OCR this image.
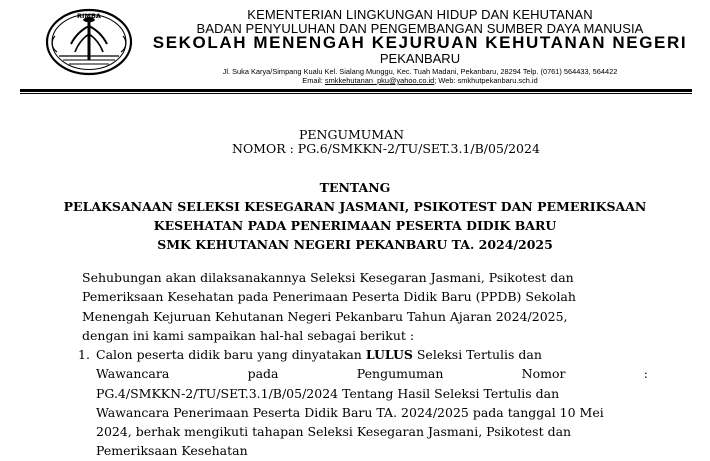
RIMBA	KEMENTERIAN LINGKUNGAN HIDUP DAN KEHUTANAN

BADAN PENYULUHAN DAN PENGEMBANGAN SUMBER DAYA MANUSIA

SEKOLAH MENENGAH KEJURUAN KEHUTANAN NEGERI

PEKANBARU

Jl. Suka Karya/Simpang Kualu Kel. Sialang Munggu, Kec. Tuah Madani, Pekanbaru, 28294 Telp. (0761) 564433, 564422

Email: smkkehutanan_pku@yahoo.co.id; Web: smkhutpekanbaru.sch.id

PENGUMUMAN

NOMOR : PG.6/SMKKN-2/TU/SET.3.1/B/05/2024

TENTANG

PELAKSANAAN SELEKSI KESEGARAN JASMANI, PSIKOTEST DAN PEMERIKSAAN

KESEHATAN PADA PENERIMAAN PESERTA DIDIK BARU

SMK KEHUTANAN NEGERI PEKANBARU TA. 2024/2025

Sehubungan akan dilaksanakannya Seleksi Kesegaran Jasmani, Psikotest dan
Pemeriksaan Kesehatan pada Penerimaan Peserta Didik Baru (PPDB) Sekolah
Menengah Kejuruan Kehutanan Negeri Pekanbaru Tahun Ajaran 2024/2025,
dengan ini kami sampaikan hal-hal sebagai berikut :
1. Calon peserta didik baru yang dinyatakan LULUS Seleksi Tertulis dan
Wawancara	pada	Pengumuman	Nomor	:
PG.4/SMKKN-2/TU/SET.3.1/B/05/2024 Tentang Hasil Seleksi Tertulis dan
Wawancara Penerimaan Peserta Didik Baru TA. 2024/2025 pada tanggal 10 Mei
2024, berhak mengikuti tahapan Seleksi Kesegaran Jasmani, Psikotest dan
Pemeriksaan Kesehatan
